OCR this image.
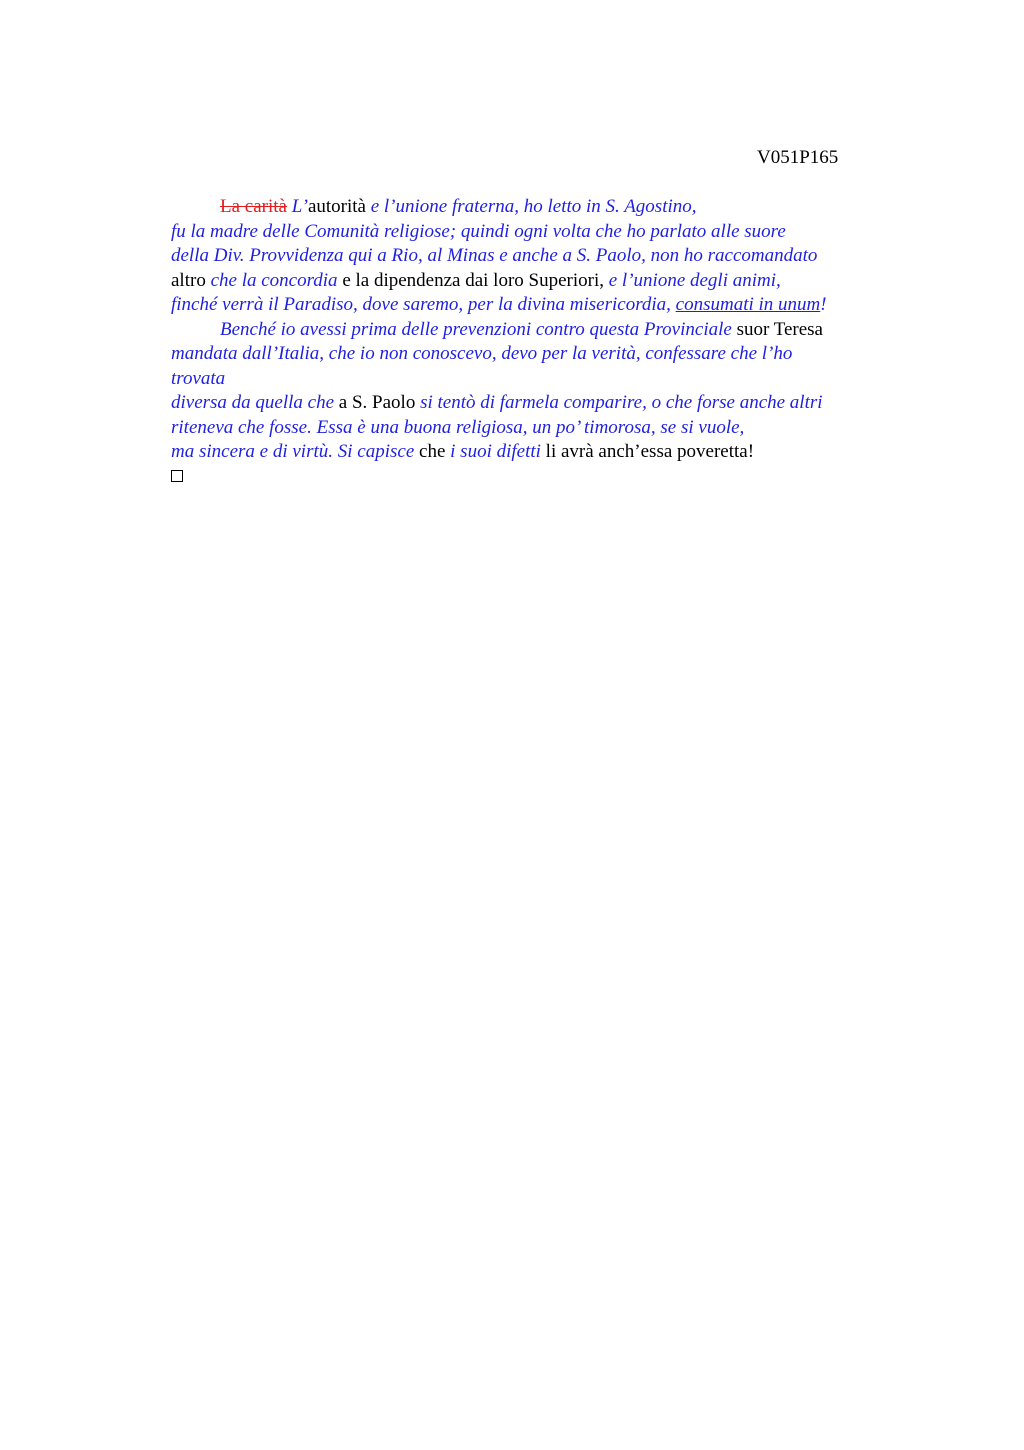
V051P165
La carità L’autorità e l’unione fraterna, ho letto in S. Agostino,
fu la madre delle Comunità religiose; quindi ogni volta che ho parlato alle suore
della Div. Provvidenza qui a Rio, al Minas e anche a S. Paolo, non ho raccomandato
altro che la concordia e la dipendenza dai loro Superiori, e l’unione degli animi,
finché verrà il Paradiso, dove saremo, per la divina misericordia, consumati in unum!
Benché io avessi prima delle prevenzioni contro questa Provinciale suor Teresa
mandata dall’Italia, che io non conoscevo, devo per la verità, confessare che l’ho
trovata
diversa da quella che a S. Paolo si tentò di farmela comparire, o che forse anche altri
riteneva che fosse. Essa è una buona religiosa, un po’ timorosa, se si vuole,
ma sincera e di virtù. Si capisce che i suoi difetti li avrà anch’essa poveretta!
